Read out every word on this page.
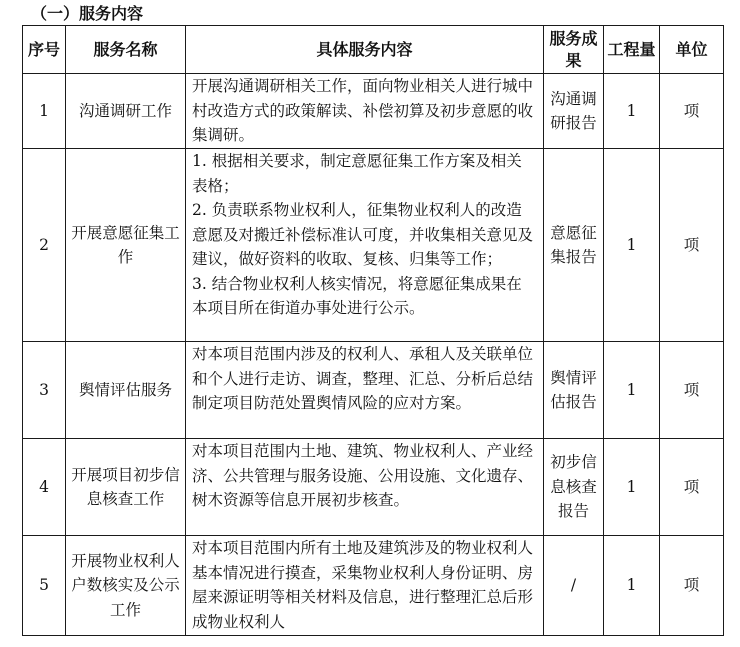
（一）服务内容
序号	服务名称	具体服务内容	服务成果	工程量	单位
1	沟通调研工作	开展沟通调研相关工作，面向物业相关人进行城中村改造方式的政策解读、补偿初算及初步意愿的收集调研。	沟通调研报告	1	项
2	开展意愿征集工作	1. 根据相关要求，制定意愿征集工作方案及相关表格；

2. 负责联系物业权利人，征集物业权利人的改造意愿及对搬迁补偿标准认可度，并收集相关意见及建议，做好资料的收取、复核、归集等工作；

3. 结合物业权利人核实情况，将意愿征集成果在本项目所在街道办事处进行公示。	意愿征集报告	1	项
3	舆情评估服务	对本项目范围内涉及的权利人、承租人及关联单位和个人进行走访、调查，整理、汇总、分析后总结制定项目防范处置舆情风险的应对方案。	舆情评估报告	1	项
4	开展项目初步信息核查工作	对本项目范围内土地、建筑、物业权利人、产业经济、公共管理与服务设施、公用设施、文化遗存、树木资源等信息开展初步核查。	初步信息核查报告	1	项
5	开展物业权利人户数核实及公示工作	对本项目范围内所有土地及建筑涉及的物业权利人基本情况进行摸查，采集物业权利人身份证明、房屋来源证明等相关材料及信息，进行整理汇总后形成物业权利人	/	1	项
